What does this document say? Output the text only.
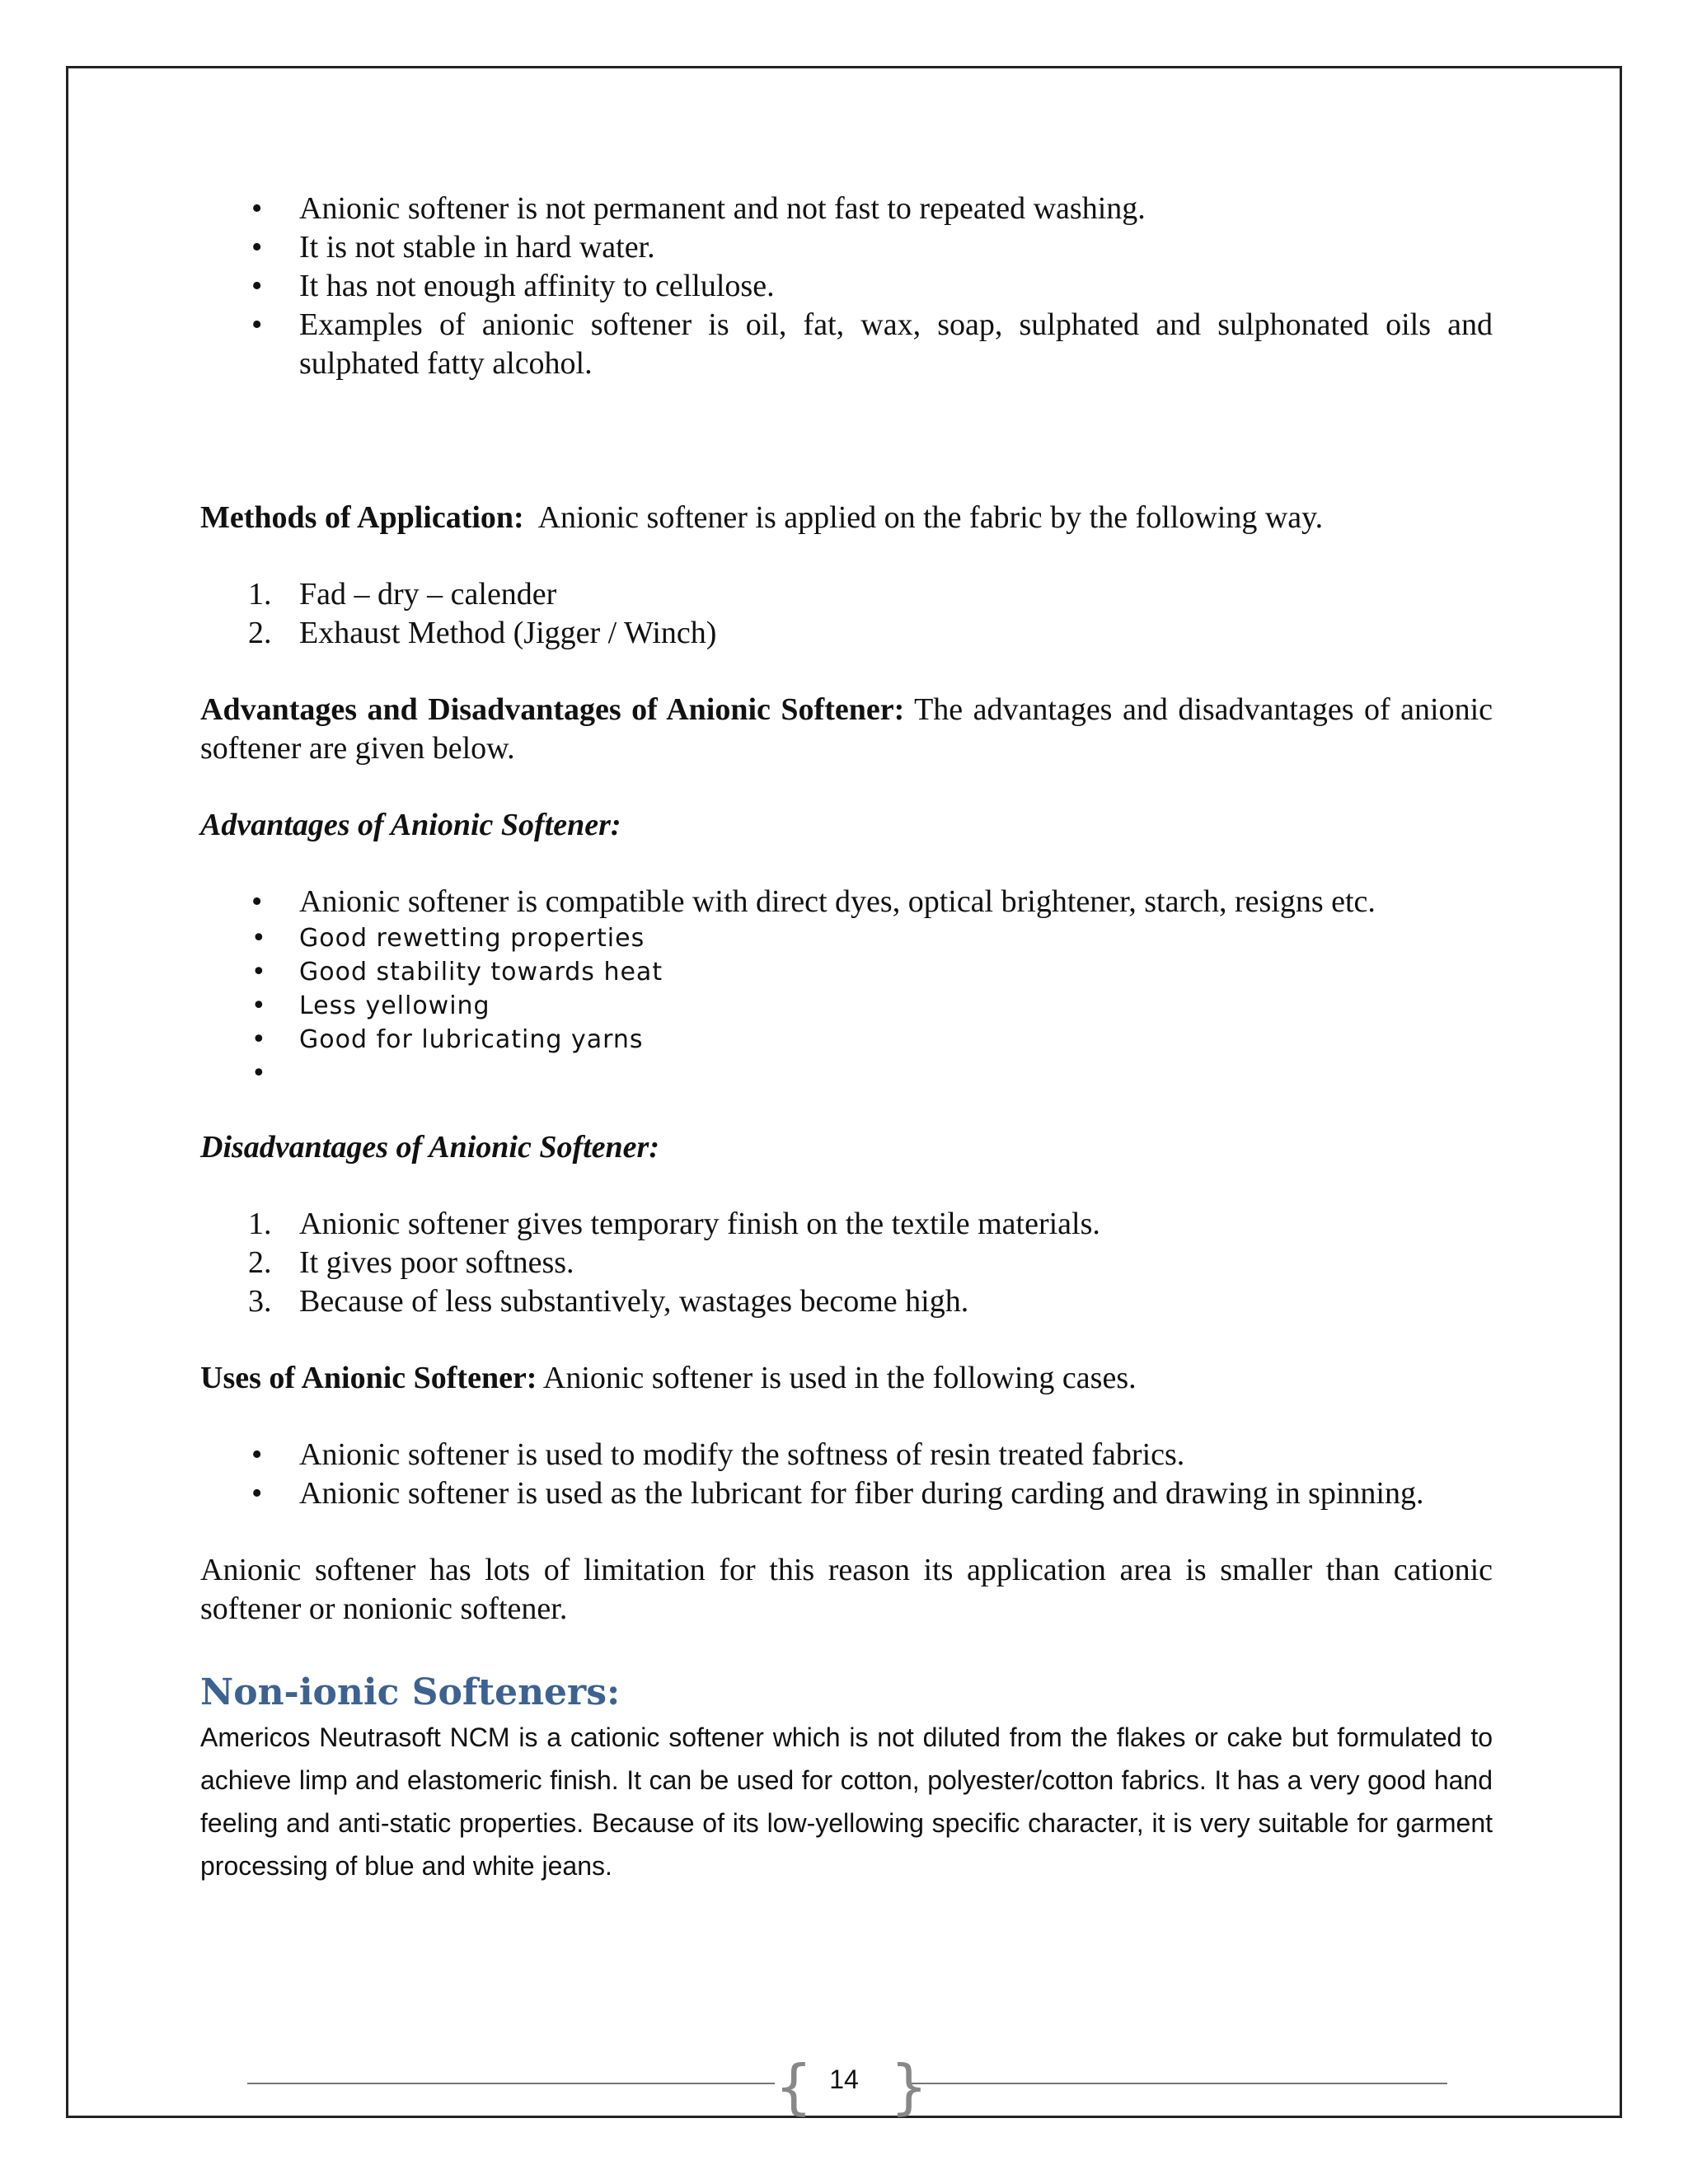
•	Anionic softener is not permanent and not fast to repeated washing.
•	It is not stable in hard water.
•	It has not enough affinity to cellulose.
•	Examples of anionic softener is oil, fat, wax, soap, sulphated and sulphonated oils and sulphated fatty alcohol.

Methods of Application: Anionic softener is applied on the fabric by the following way.

1. Fad – dry – calender
2. Exhaust Method (Jigger / Winch)

Advantages and Disadvantages of Anionic Softener: The advantages and disadvantages of anionic softener are given below.

Advantages of Anionic Softener:

•	Anionic softener is compatible with direct dyes, optical brightener, starch, resigns etc.
•	Good rewetting properties
•	Good stability towards heat
•	Less yellowing
•	Good for lubricating yarns
•

Disadvantages of Anionic Softener:

1. Anionic softener gives temporary finish on the textile materials.
2. It gives poor softness.
3. Because of less substantively, wastages become high.

Uses of Anionic Softener: Anionic softener is used in the following cases.

•	Anionic softener is used to modify the softness of resin treated fabrics.
•	Anionic softener is used as the lubricant for fiber during carding and drawing in spinning.

Anionic softener has lots of limitation for this reason its application area is smaller than cationic softener or nonionic softener.

Non-ionic Softeners:

Americos Neutrasoft NCM is a cationic softener which is not diluted from the flakes or cake but formulated to achieve limp and elastomeric finish. It can be used for cotton, polyester/cotton fabrics. It has a very good hand feeling and anti-static properties. Because of its low-yellowing specific character, it is very suitable for garment processing of blue and white jeans.

{ }
14
